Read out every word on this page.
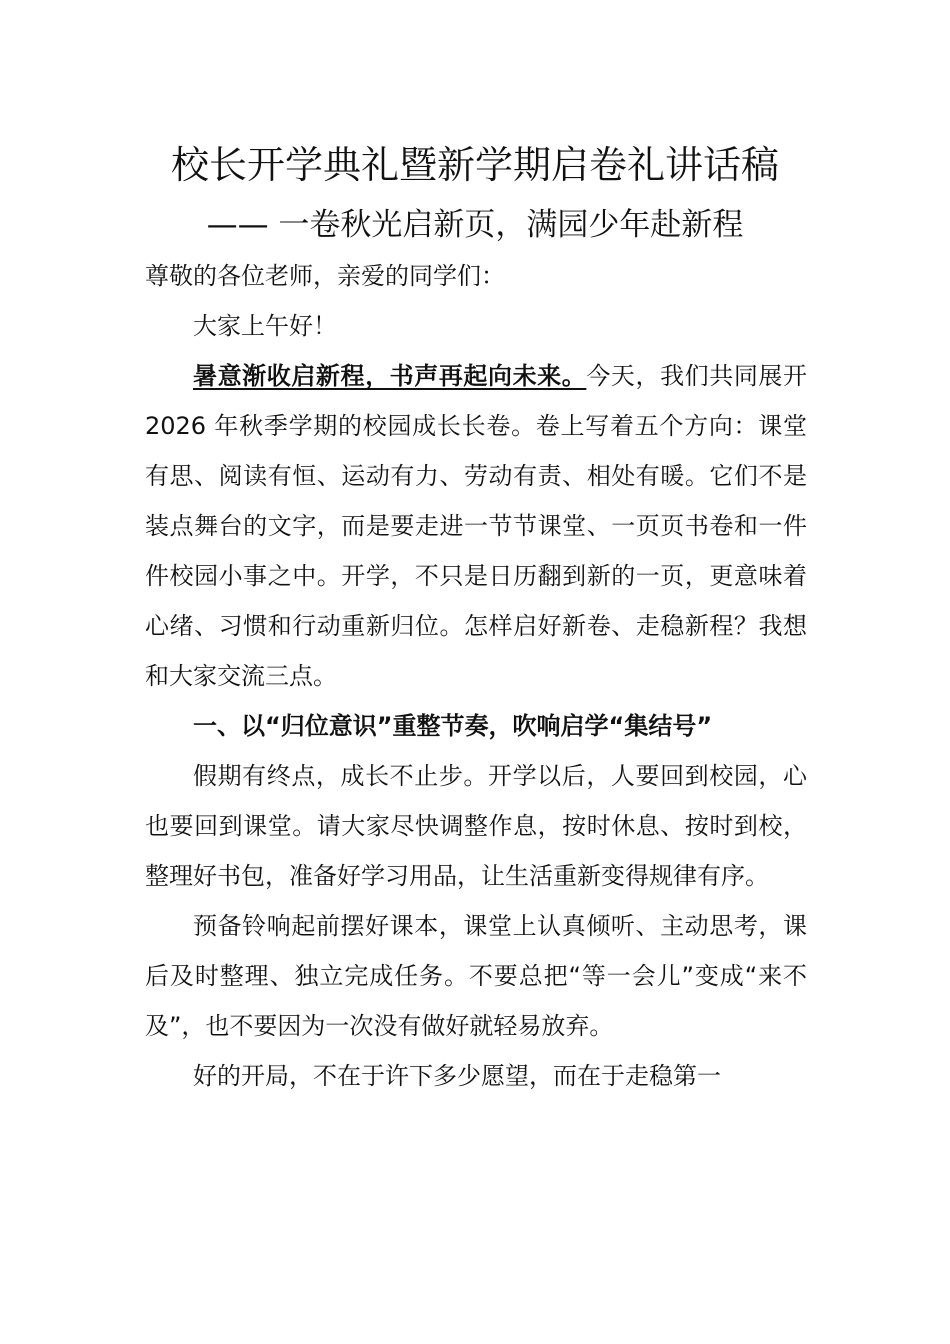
校长开学典礼暨新学期启卷礼讲话稿
—— 一卷秋光启新页，满园少年赴新程

尊敬的各位老师，亲爱的同学们：

大家上午好！

暑意渐收启新程，书声再起向未来。今天，我们共同展开 2026 年秋季学期的校园成长长卷。卷上写着五个方向：课堂有思、阅读有恒、运动有力、劳动有责、相处有暖。它们不是装点舞台的文字，而是要走进一节节课堂、一页页书卷和一件件校园小事之中。开学，不只是日历翻到新的一页，更意味着心绪、习惯和行动重新归位。怎样启好新卷、走稳新程？我想和大家交流三点。

一、以“归位意识”重整节奏，吹响启学“集结号”

假期有终点，成长不止步。开学以后，人要回到校园，心也要回到课堂。请大家尽快调整作息，按时休息、按时到校，整理好书包，准备好学习用品，让生活重新变得规律有序。

预备铃响起前摆好课本，课堂上认真倾听、主动思考，课后及时整理、独立完成任务。不要总把“等一会儿”变成“来不及”，也不要因为一次没有做好就轻易放弃。

好的开局，不在于许下多少愿望，而在于走稳第一
